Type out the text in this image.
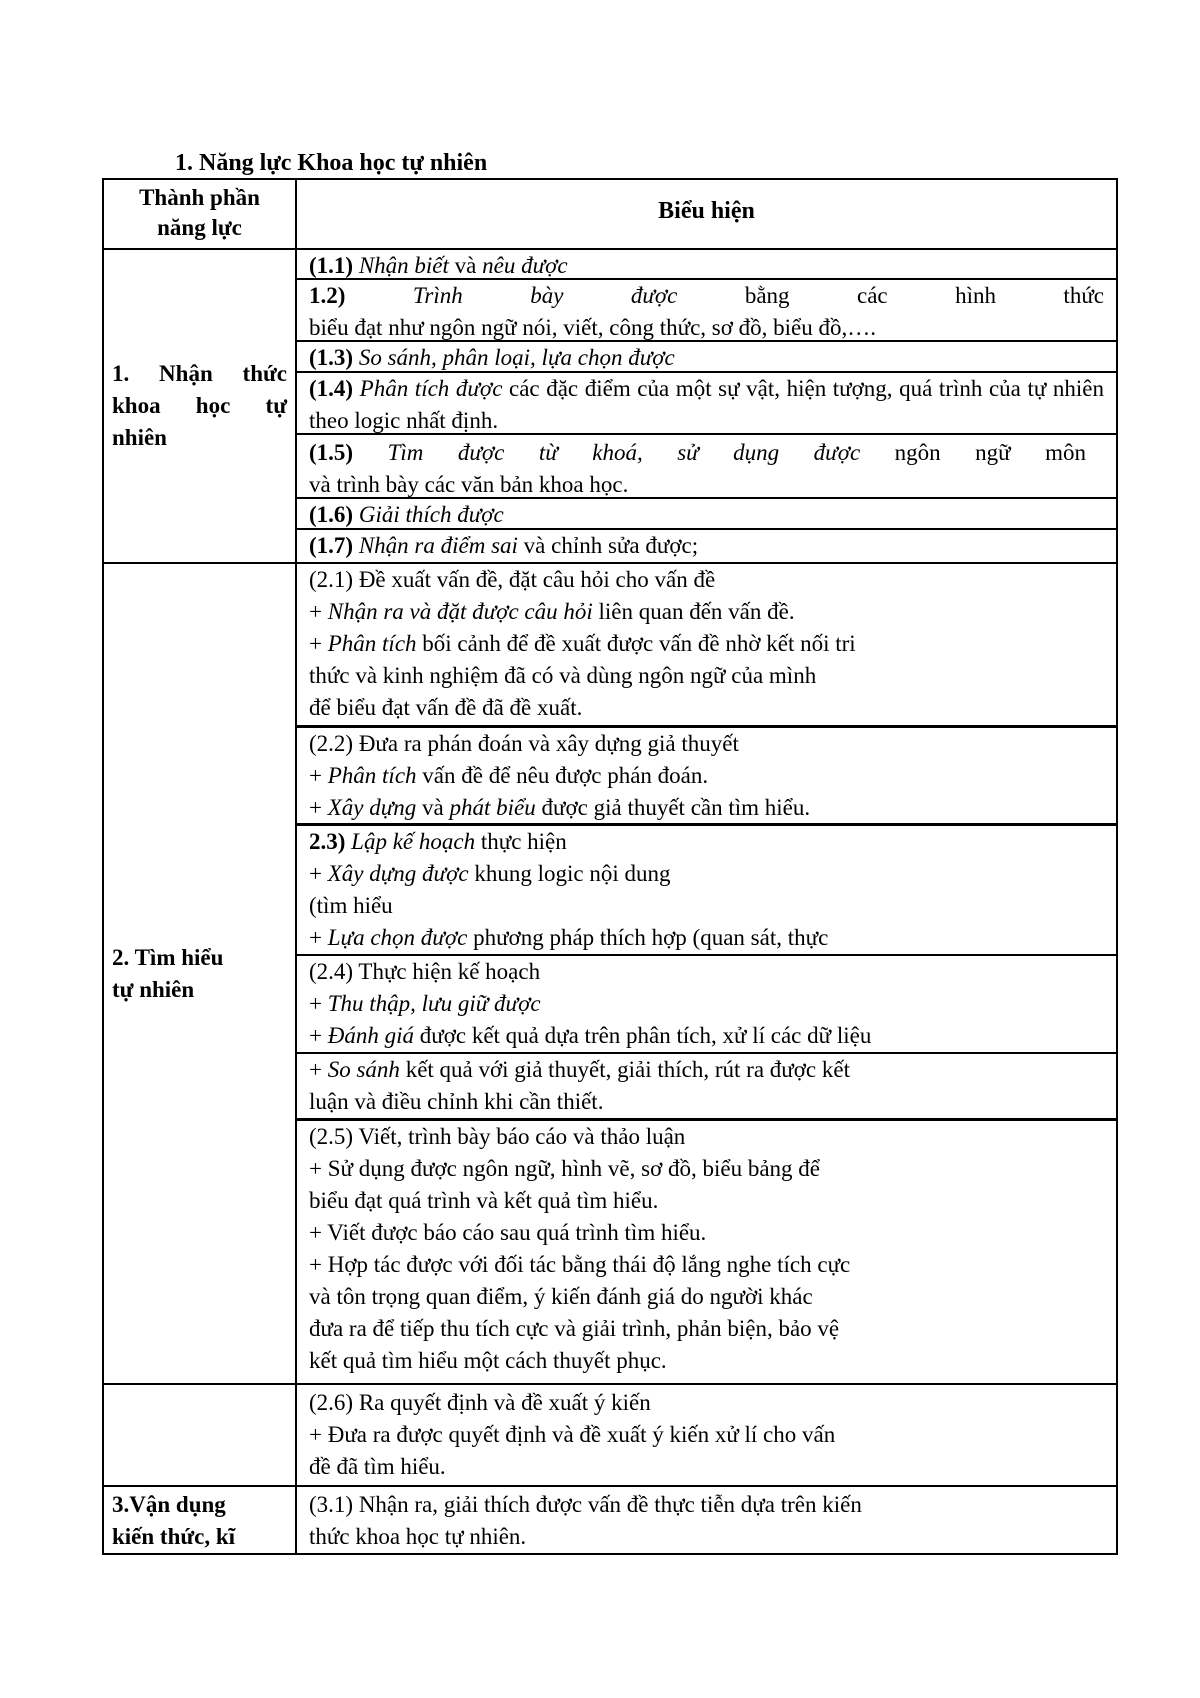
1. Năng lực Khoa học tự nhiên
Thành phần
năng lực
Biểu hiện
1. Nhận thức khoa học tự nhiên
(1.1) Nhận biết và nêu được
1.2)	Trình bày được bằng các hình thức
biểu đạt như ngôn ngữ nói, viết, công thức, sơ đồ, biểu đồ,….
(1.3) So sánh, phân loại, lựa chọn được
(1.4) Phân tích được các đặc điểm của một sự vật, hiện tượng, quá trình của tự nhiên theo logic nhất định.
(1.5) Tìm được từ khoá, sử dụng được ngôn ngữ môn
và trình bày các văn bản khoa học.
(1.6) Giải thích được
(1.7) Nhận ra điểm sai và chỉnh sửa được;
2. Tìm hiểu
tự nhiên
(2.1) Đề xuất vấn đề, đặt câu hỏi cho vấn đề
+ Nhận ra và đặt được câu hỏi liên quan đến vấn đề.
+ Phân tích bối cảnh để đề xuất được vấn đề nhờ kết nối tri
thức và kinh nghiệm đã có và dùng ngôn ngữ của mình
để biểu đạt vấn đề đã đề xuất.
(2.2) Đưa ra phán đoán và xây dựng giả thuyết
+ Phân tích vấn đề để nêu được phán đoán.
+ Xây dựng và phát biểu được giả thuyết cần tìm hiểu.
2.3) Lập kế hoạch thực hiện
+ Xây dựng được khung logic nội dung
(tìm hiểu
+ Lựa chọn được phương pháp thích hợp (quan sát, thực
(2.4) Thực hiện kế hoạch
+ Thu thập, lưu giữ được
+ Đánh giá được kết quả dựa trên phân tích, xử lí các dữ liệu
+ So sánh kết quả với giả thuyết, giải thích, rút ra được kết
luận và điều chỉnh khi cần thiết.
(2.5) Viết, trình bày báo cáo và thảo luận
+ Sử dụng được ngôn ngữ, hình vẽ, sơ đồ, biểu bảng để
biểu đạt quá trình và kết quả tìm hiểu.
+ Viết được báo cáo sau quá trình tìm hiểu.
+ Hợp tác được với đối tác bằng thái độ lắng nghe tích cực
và tôn trọng quan điểm, ý kiến đánh giá do người khác
đưa ra để tiếp thu tích cực và giải trình, phản biện, bảo vệ
kết quả tìm hiểu một cách thuyết phục.
(2.6) Ra quyết định và đề xuất ý kiến
+ Đưa ra được quyết định và đề xuất ý kiến xử lí cho vấn
đề đã tìm hiểu.
3.Vận dụng
kiến thức, kĩ
(3.1) Nhận ra, giải thích được vấn đề thực tiễn dựa trên kiến
thức khoa học tự nhiên.
